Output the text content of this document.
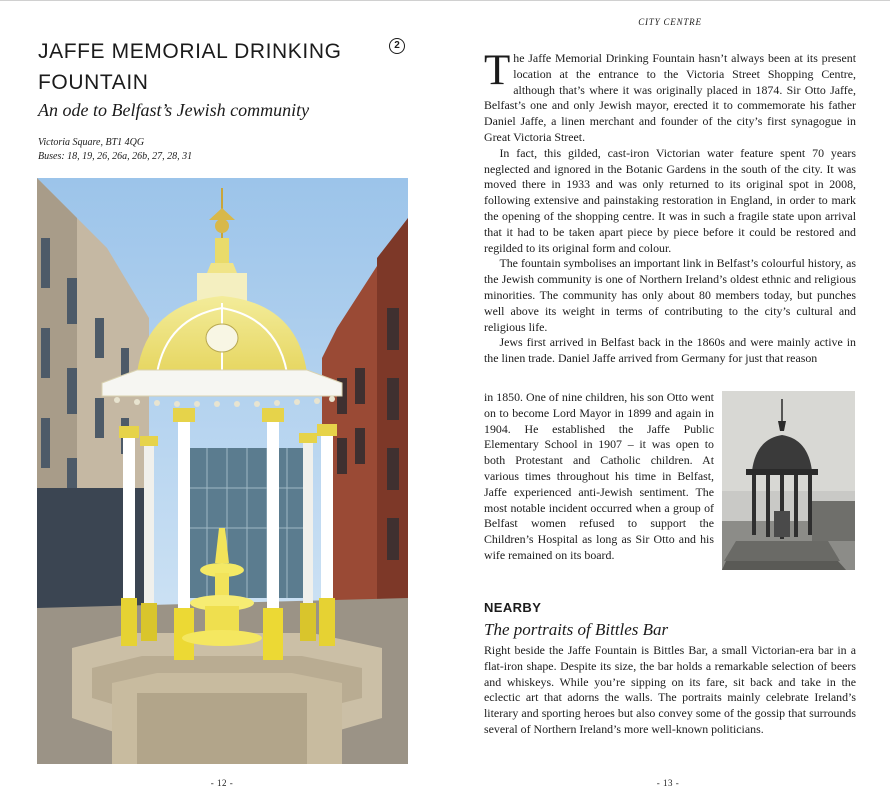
JAFFE MEMORIAL DRINKING FOUNTAIN
2
An ode to Belfast’s Jewish community
Victoria Square, BT1 4QG
Buses: 18, 19, 26, 26a, 26b, 27, 28, 31
- 12 -
CITY CENTRE

The Jaffe Memorial Drinking Fountain hasn’t always been at its present location at the entrance to the Victoria Street Shopping Centre, although that’s where it was originally placed in 1874. Sir Otto Jaffe, Belfast’s one and only Jewish mayor, erected it to commemorate his father Daniel Jaffe, a linen merchant and founder of the city’s first synagogue in Great Victoria Street.

In fact, this gilded, cast-iron Victorian water feature spent 70 years neglected and ignored in the Botanic Gardens in the south of the city. It was moved there in 1933 and was only returned to its original spot in 2008, following extensive and painstaking restoration in England, in order to mark the opening of the shopping centre. It was in such a fragile state upon arrival that it had to be taken apart piece by piece before it could be restored and regilded to its original form and colour.

The fountain symbolises an important link in Belfast’s colourful history, as the Jewish community is one of Northern Ireland’s oldest ethnic and religious minorities. The community has only about 80 members today, but punches well above its weight in terms of contributing to the city’s cultural and religious life.

Jews first arrived in Belfast back in the 1860s and were mainly active in the linen trade. Daniel Jaffe arrived from Germany for just that reason

in 1850. One of nine children, his son Otto went on to become Lord Mayor in 1899 and again in 1904. He established the Jaffe Public Elementary School in 1907 – it was open to both Protestant and Catholic children. At various times throughout his time in Belfast, Jaffe experienced anti-Jewish sentiment. The most notable incident occurred when a group of Belfast women refused to support the Children’s Hospital as long as Sir Otto and his wife remained on its board.

NEARBY
The portraits of Bittles Bar

Right beside the Jaffe Fountain is Bittles Bar, a small Victorian-era bar in a flat-iron shape. Despite its size, the bar holds a remarkable selection of beers and whiskeys. While you’re sipping on its fare, sit back and take in the eclectic art that adorns the walls. The portraits mainly celebrate Ireland’s literary and sporting heroes but also convey some of the gossip that surrounds several of Northern Ireland’s more well-known politicians.

- 13 -
